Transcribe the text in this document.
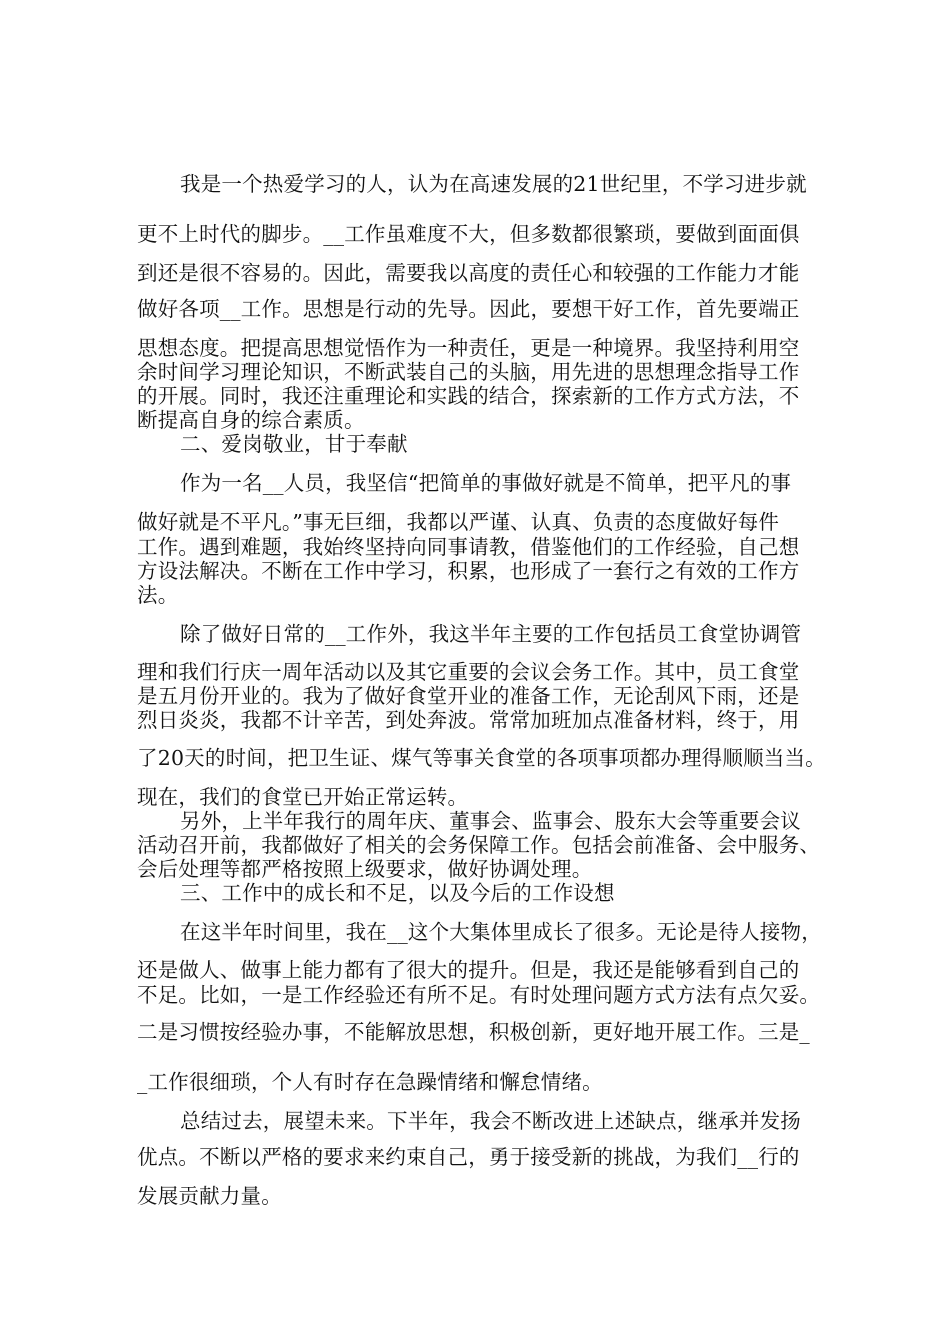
我是一个热爱学习的人，认为在高速发展的21世纪里，不学习进步就
更不上时代的脚步。__工作虽难度不大，但多数都很繁琐，要做到面面俱
到还是很不容易的。因此，需要我以高度的责任心和较强的工作能力才能
做好各项__工作。思想是行动的先导。因此，要想干好工作，首先要端正
思想态度。把提高思想觉悟作为一种责任，更是一种境界。我坚持利用空
余时间学习理论知识，不断武装自己的头脑，用先进的思想理念指导工作
的开展。同时，我还注重理论和实践的结合，探索新的工作方式方法，不
断提高自身的综合素质。
二、爱岗敬业，甘于奉献
作为一名__人员，我坚信“把简单的事做好就是不简单，把平凡的事
做好就是不平凡。”事无巨细，我都以严谨、认真、负责的态度做好每件
工作。遇到难题，我始终坚持向同事请教，借鉴他们的工作经验，自己想
方设法解决。不断在工作中学习，积累，也形成了一套行之有效的工作方
法。
除了做好日常的__工作外，我这半年主要的工作包括员工食堂协调管
理和我们行庆一周年活动以及其它重要的会议会务工作。其中，员工食堂
是五月份开业的。我为了做好食堂开业的准备工作，无论刮风下雨，还是
烈日炎炎，我都不计辛苦，到处奔波。常常加班加点准备材料，终于，用
了20天的时间，把卫生证、煤气等事关食堂的各项事项都办理得顺顺当当。
现在，我们的食堂已开始正常运转。
另外，上半年我行的周年庆、董事会、监事会、股东大会等重要会议
活动召开前，我都做好了相关的会务保障工作。包括会前准备、会中服务、
会后处理等都严格按照上级要求，做好协调处理。
三、工作中的成长和不足，以及今后的工作设想
在这半年时间里，我在__这个大集体里成长了很多。无论是待人接物，
还是做人、做事上能力都有了很大的提升。但是，我还是能够看到自己的
不足。比如，一是工作经验还有所不足。有时处理问题方式方法有点欠妥。
二是习惯按经验办事，不能解放思想，积极创新，更好地开展工作。三是_
_工作很细琐，个人有时存在急躁情绪和懈怠情绪。
总结过去，展望未来。下半年，我会不断改进上述缺点，继承并发扬
优点。不断以严格的要求来约束自己，勇于接受新的挑战，为我们__行的
发展贡献力量。
